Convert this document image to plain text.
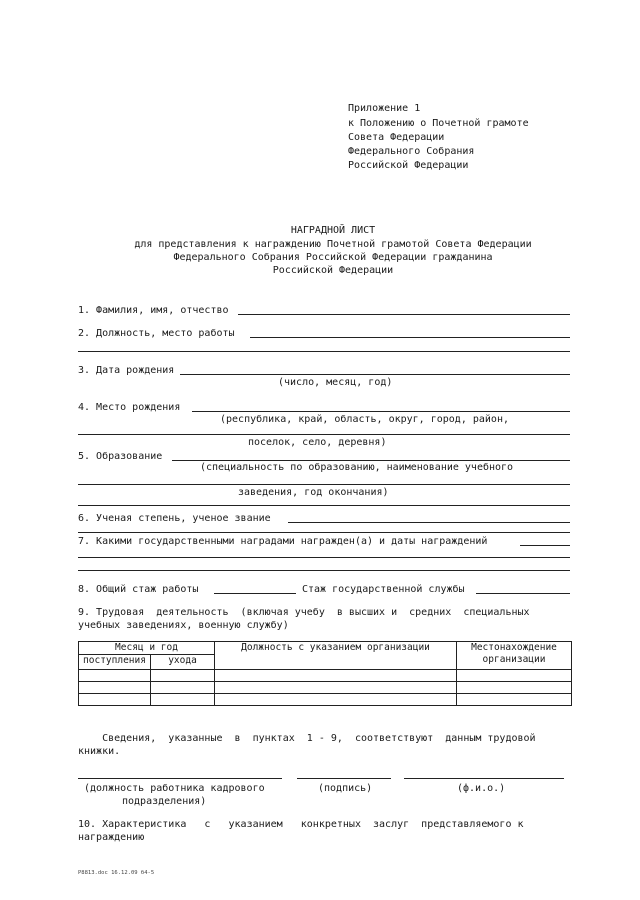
Приложение 1
к Положению о Почетной грамоте
Совета Федерации
Федерального Собрания
Российской Федерации
НАГРАДНОЙ ЛИСТ
для представления к награждению Почетной грамотой Совета Федерации
Федерального Собрания Российской Федерации гражданина
Российской Федерации
1. Фамилия, имя, отчество
2. Должность, место работы
3. Дата рождения
(число, месяц, год)
4. Место рождения
(республика, край, область, округ, город, район,
поселок, село, деревня)
5. Образование
(специальность по образованию, наименование учебного
заведения, год окончания)
6. Ученая степень, ученое звание
7. Какими государственными наградами награжден(а) и даты награждений
8. Общий стаж работы	Стаж государственной службы
9. Трудовая  деятельность  (включая учебу  в высших и  средних  специальных
учебных заведениях, военную службу)
Месяц и год		Должность с указанием организации	Местонахождение организации
поступления	ухода		

Сведения,  указанные  в  пунктах  1 - 9,  соответствуют  данным трудовой
книжки.
(должность работника кадрового
подразделения)
(подпись)	(ф.и.о.)
10. Характеристика   с   указанием   конкретных  заслуг  представляемого к
награждению
Р8813.doc 16.12.09 б4-5
